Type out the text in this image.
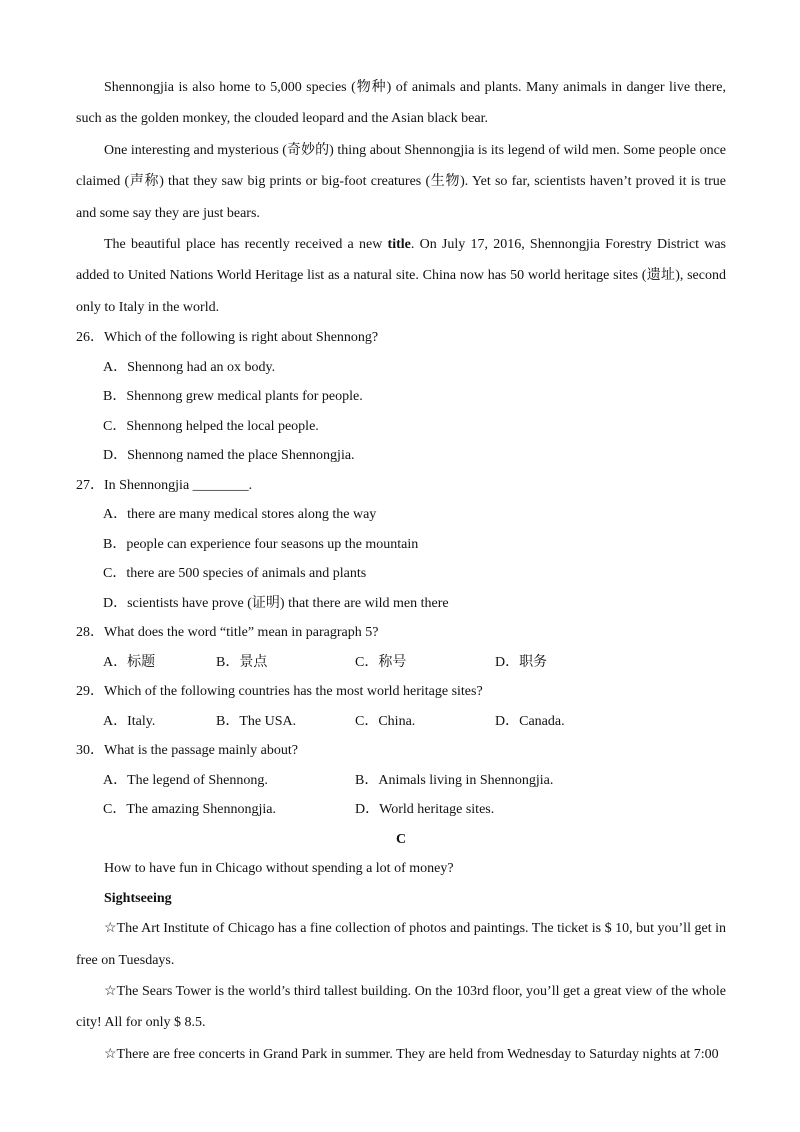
Shennongjia is also home to 5,000 species (物种) of animals and plants. Many animals in danger live there, such as the golden monkey, the clouded leopard and the Asian black bear.

One interesting and mysterious (奇妙的) thing about Shennongjia is its legend of wild men. Some people once claimed (声称) that they saw big prints or big-foot creatures (生物). Yet so far, scientists haven’t proved it is true and some say they are just bears.

The beautiful place has recently received a new title. On July 17, 2016, Shennongjia Forestry District was added to United Nations World Heritage list as a natural site. China now has 50 world heritage sites (遗址), second only to Italy in the world.

26．Which of the following is right about Shennong?
A．Shennong had an ox body.
B．Shennong grew medical plants for people.
C．Shennong helped the local people.
D．Shennong named the place Shennongjia.
27．In Shennongjia ________.
A．there are many medical stores along the way
B．people can experience four seasons up the mountain
C．there are 500 species of animals and plants
D．scientists have prove (证明) that there are wild men there
28．What does the word “title” mean in paragraph 5?
A．标题	B．景点	C．称号	D．职务
29．Which of the following countries has the most world heritage sites?
A．Italy.	B．The USA.	C．China.	D．Canada.
30．What is the passage mainly about?
A．The legend of Shennong.	B．Animals living in Shennongjia.
C．The amazing Shennongjia.	D．World heritage sites.
C
How to have fun in Chicago without spending a lot of money?
Sightseeing

☆The Art Institute of Chicago has a fine collection of photos and paintings. The ticket is $ 10, but you’ll get in free on Tuesdays.

☆The Sears Tower is the world’s third tallest building. On the 103rd floor, you’ll get a great view of the whole city! All for only $ 8.5.

☆There are free concerts in Grand Park in summer. They are held from Wednesday to Saturday nights at 7:00
